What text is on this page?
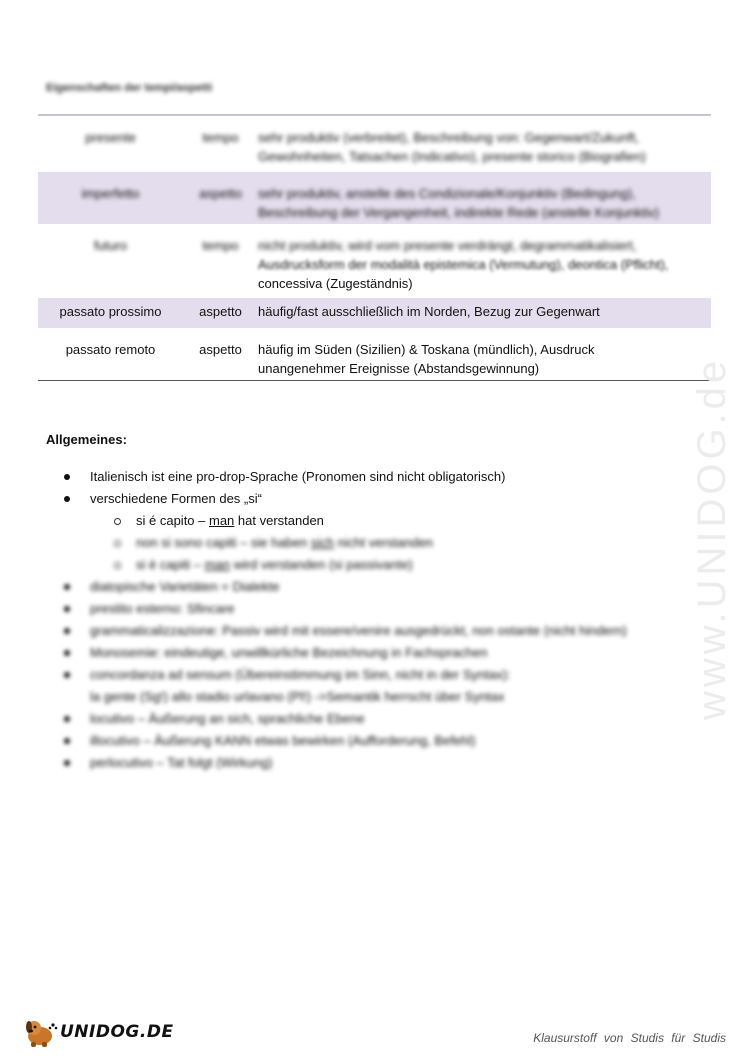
Eigenschaften der tempi/aspetti
presente	tempo	sehr produktiv (verbreitet), Beschreibung von: Gegenwart/Zukunft,
Gewohnheiten, Tatsachen (Indicativo), presente storico (Biografien)
imperfetto	aspetto	sehr produktiv, anstelle des Condizionale/Konjunktiv (Bedingung),
Beschreibung der Vergangenheit, indirekte Rede (anstelle Konjunktiv)
futuro	tempo	nicht produktiv, wird vom presente verdrängt, degrammatikalisiert,
Ausdrucksform der modalità epistemica (Vermutung), deontica (Pflicht),
concessiva (Zugeständnis)
passato prossimo	aspetto	häufig/fast ausschließlich im Norden, Bezug zur Gegenwart
passato remoto	aspetto	häufig im Süden (Sizilien) & Toskana (mündlich), Ausdruck
unangenehmer Ereignisse (Abstandsgewinnung)
Allgemeines:
Italienisch ist eine pro-drop-Sprache (Pronomen sind nicht obligatorisch)
verschiedene Formen des „si“
si é capito – man hat verstanden
non si sono capiti – sie haben sich nicht verstanden
si è capiti – man wird verstanden (si passivante)
diatopische Varietäten = Dialekte
prestito esterno: Sfincare
grammaticalizzazione: Passiv wird mit essere/venire ausgedrückt, non ostante (nicht hindern)
Monosemie: eindeutige, unwillkürliche Bezeichnung in Fachsprachen
concordanza ad sensum (Übereinstimmung im Sinn, nicht in der Syntax):
la gente (Sg!) allo stadio urlavano (Pl!) ->Semantik herrscht über Syntax
locutivo – Äußerung an sich, sprachliche Ebene
illocutivo – Äußerung KANN etwas bewirken (Aufforderung, Befehl)
perlocutivo – Tat folgt (Wirkung)
www.UNIDOG.de
UNIDOG.DE	Klausurstoff von Studis für Studis
